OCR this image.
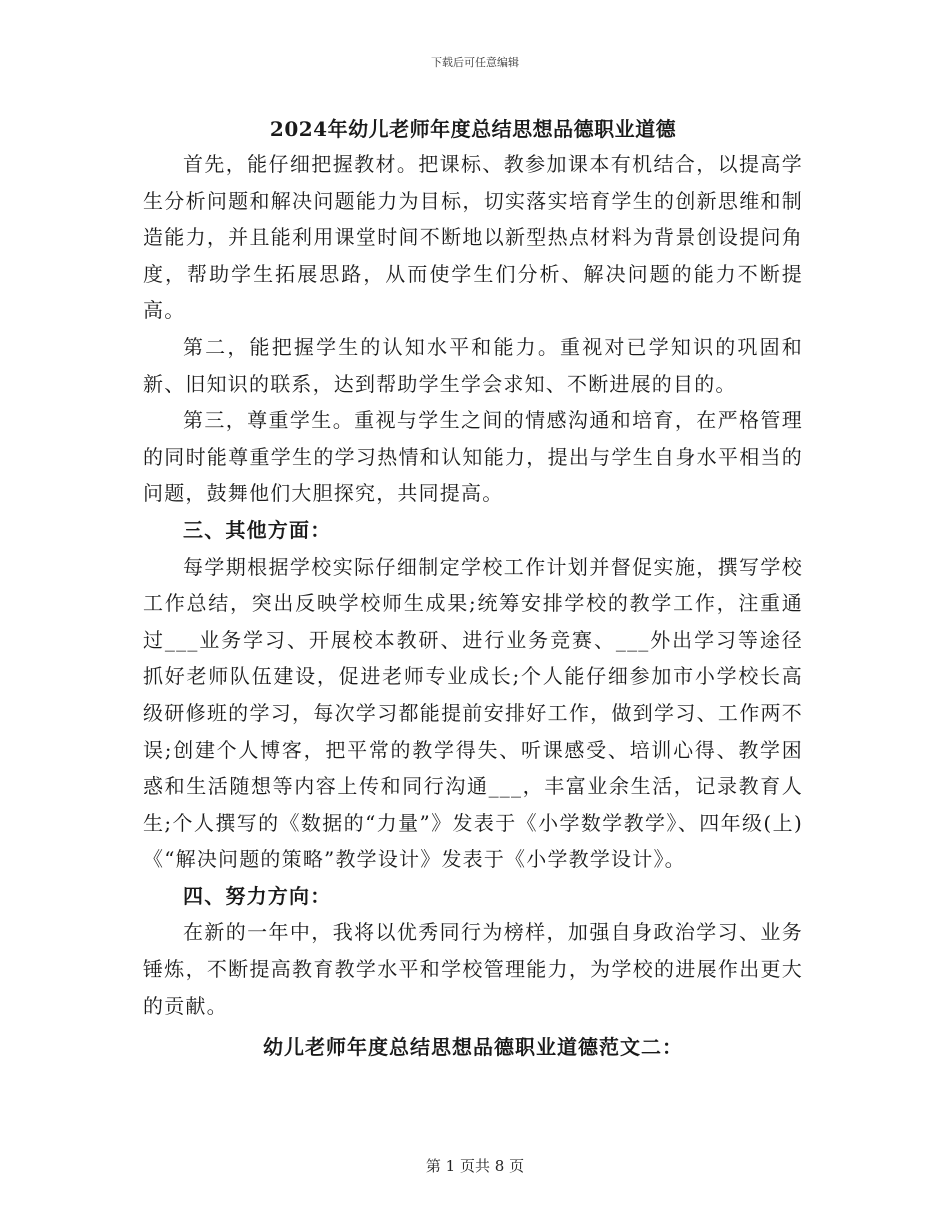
下载后可任意编辑
2024年幼儿老师年度总结思想品德职业道德

首先，能仔细把握教材。把课标、教参加课本有机结合，以提高学生分析问题和解决问题能力为目标，切实落实培育学生的创新思维和制造能力，并且能利用课堂时间不断地以新型热点材料为背景创设提问角度，帮助学生拓展思路，从而使学生们分析、解决问题的能力不断提高。

第二，能把握学生的认知水平和能力。重视对已学知识的巩固和新、旧知识的联系，达到帮助学生学会求知、不断进展的目的。

第三，尊重学生。重视与学生之间的情感沟通和培育，在严格管理的同时能尊重学生的学习热情和认知能力，提出与学生自身水平相当的问题，鼓舞他们大胆探究，共同提高。

三、其他方面：

每学期根据学校实际仔细制定学校工作计划并督促实施，撰写学校工作总结，突出反映学校师生成果;统筹安排学校的教学工作，注重通过___业务学习、开展校本教研、进行业务竞赛、___外出学习等途径抓好老师队伍建设，促进老师专业成长;个人能仔细参加市小学校长高级研修班的学习，每次学习都能提前安排好工作，做到学习、工作两不误;创建个人博客，把平常的教学得失、听课感受、培训心得、教学困惑和生活随想等内容上传和同行沟通___，丰富业余生活，记录教育人生;个人撰写的《数据的“力量”》发表于《小学数学教学》、四年级(上)《“解决问题的策略”教学设计》发表于《小学教学设计》。

四、努力方向：

在新的一年中，我将以优秀同行为榜样，加强自身政治学习、业务锤炼，不断提高教育教学水平和学校管理能力，为学校的进展作出更大的贡献。

幼儿老师年度总结思想品德职业道德范文二：
第 1 页共 8 页
